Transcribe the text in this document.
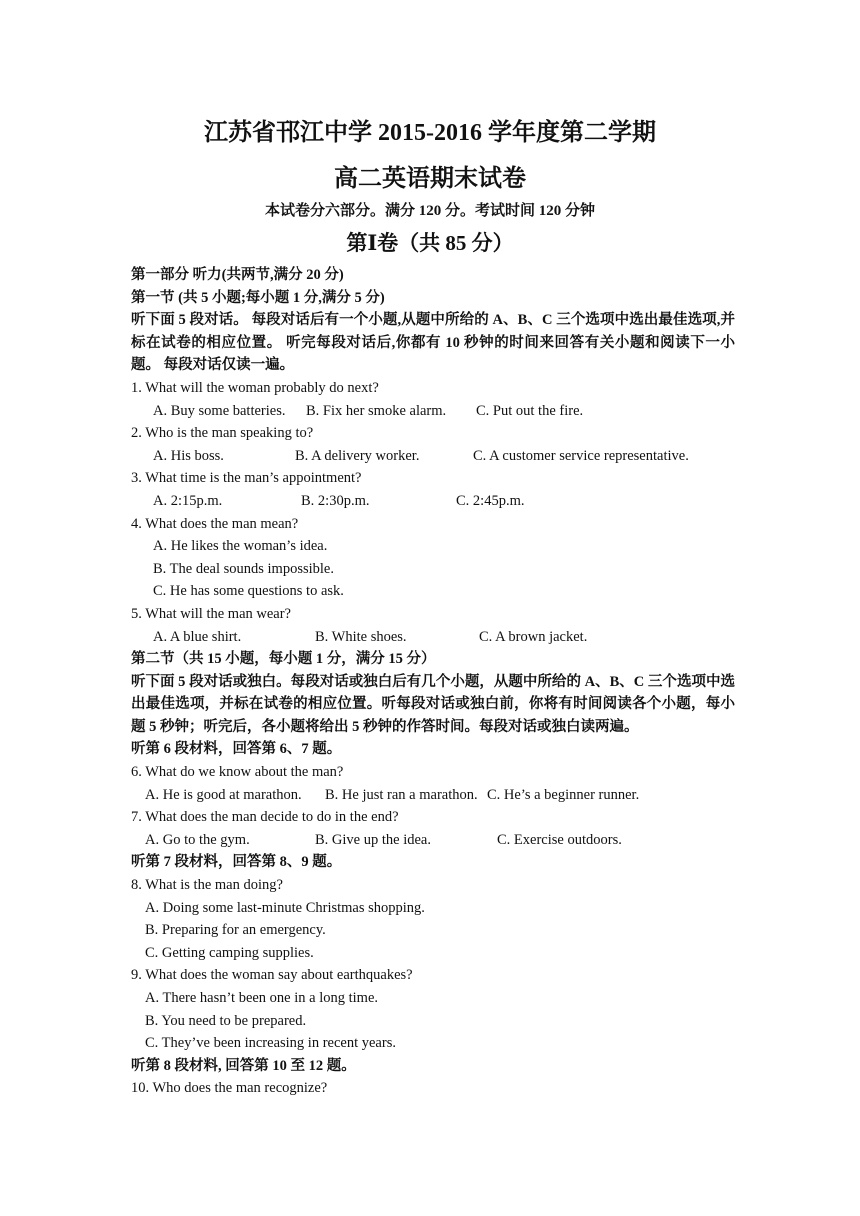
江苏省邗江中学 2015-2016 学年度第二学期
高二英语期末试卷
本试卷分六部分。满分 120 分。考试时间 120 分钟
第Ⅰ卷（共 85 分）

第一部分 听力(共两节,满分 20 分)

第一节 (共 5 小题;每小题 1 分,满分 5 分)

听下面 5 段对话。 每段对话后有一个小题,从题中所给的 A、B、C 三个选项中选出最佳选项,并标在试卷的相应位置。 听完每段对话后,你都有 10 秒钟的时间来回答有关小题和阅读下一小题。 每段对话仅读一遍。

1. What will the woman probably do next?

A. Buy some batteries.	B. Fix her smoke alarm.	C. Put out the fire.

2. Who is the man speaking to?

A. His boss.	B. A delivery worker.	C. A customer service representative.

3. What time is the man’s appointment?

A. 2:15p.m.	B. 2:30p.m.	C. 2:45p.m.

4. What does the man mean?

A. He likes the woman’s idea.

B. The deal sounds impossible.

C. He has some questions to ask.

5. What will the man wear?

A. A blue shirt.	B. White shoes.	C. A brown jacket.

第二节（共 15 小题，每小题 1 分，满分 15 分）

听下面 5 段对话或独白。每段对话或独白后有几个小题，从题中所给的 A、B、C 三个选项中选出最佳选项，并标在试卷的相应位置。听每段对话或独白前，你将有时间阅读各个小题，每小题 5 秒钟；听完后，各小题将给出 5 秒钟的作答时间。每段对话或独白读两遍。

听第 6 段材料，回答第 6、7 题。

6. What do we know about the man?

A. He is good at marathon.	B. He just ran a marathon. C. He’s a beginner runner.

7. What does the man decide to do in the end?

A. Go to the gym.	B. Give up the idea.	C. Exercise outdoors.

听第 7 段材料，回答第 8、9 题。

8. What is the man doing?

A. Doing some last-minute Christmas shopping.

B. Preparing for an emergency.

C. Getting camping supplies.

9. What does the woman say about earthquakes?

A. There hasn’t been one in a long time.

B. You need to be prepared.

C. They’ve been increasing in recent years.

听第 8 段材料, 回答第 10 至 12 题。

10. Who does the man recognize?
